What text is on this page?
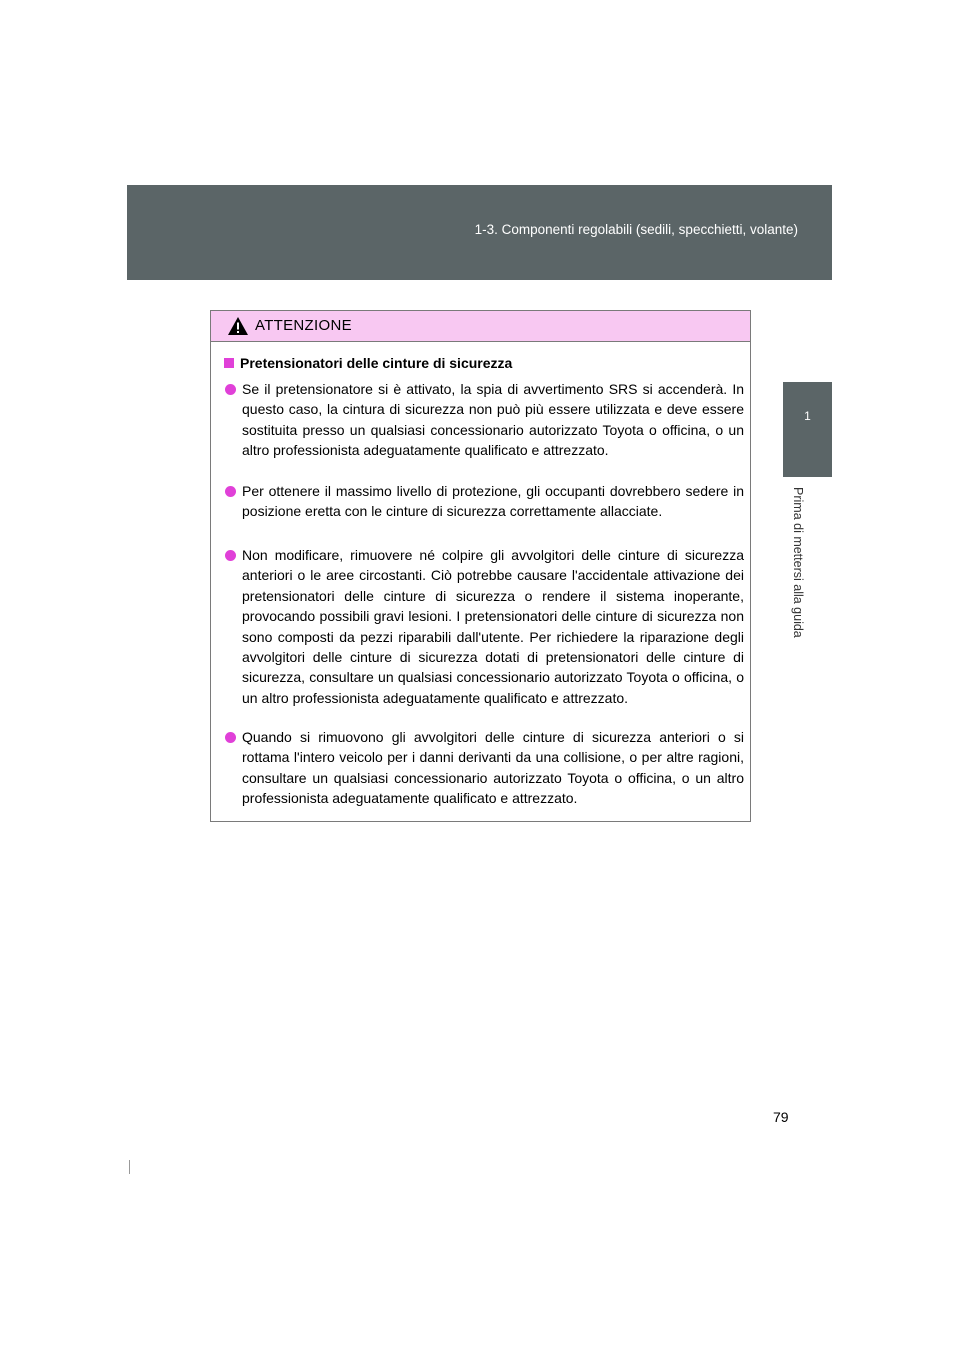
1-3. Componenti regolabili (sedili, specchietti, volante)
1
Prima di mettersi alla guida
ATTENZIONE
Pretensionatori delle cinture di sicurezza
Se il pretensionatore si è attivato, la spia di avvertimento SRS si accenderà. In questo caso, la cintura di sicurezza non può più essere utilizzata e deve essere sostituita presso un qualsiasi concessionario autorizzato Toyota o officina, o un altro professionista adeguatamente qualificato e attrezzato.
Per ottenere il massimo livello di protezione, gli occupanti dovrebbero sedere in posizione eretta con le cinture di sicurezza correttamente allacciate.
Non modificare, rimuovere né colpire gli avvolgitori delle cinture di sicurezza anteriori o le aree circostanti. Ciò potrebbe causare l'accidentale attivazione dei pretensionatori delle cinture di sicurezza o rendere il sistema inoperante, provocando possibili gravi lesioni. I pretensionatori delle cinture di sicurezza non sono composti da pezzi riparabili dall'utente. Per richiedere la riparazione degli avvolgitori delle cinture di sicurezza dotati di pretensionatori delle cinture di sicurezza, consultare un qualsiasi concessionario autorizzato Toyota o officina, o un altro professionista adeguatamente qualificato e attrezzato.
Quando si rimuovono gli avvolgitori delle cinture di sicurezza anteriori o si rottama l'intero veicolo per i danni derivanti da una collisione, o per altre ragioni, consultare un qualsiasi concessionario autorizzato Toyota o officina, o un altro professionista adeguatamente qualificato e attrezzato.
79
